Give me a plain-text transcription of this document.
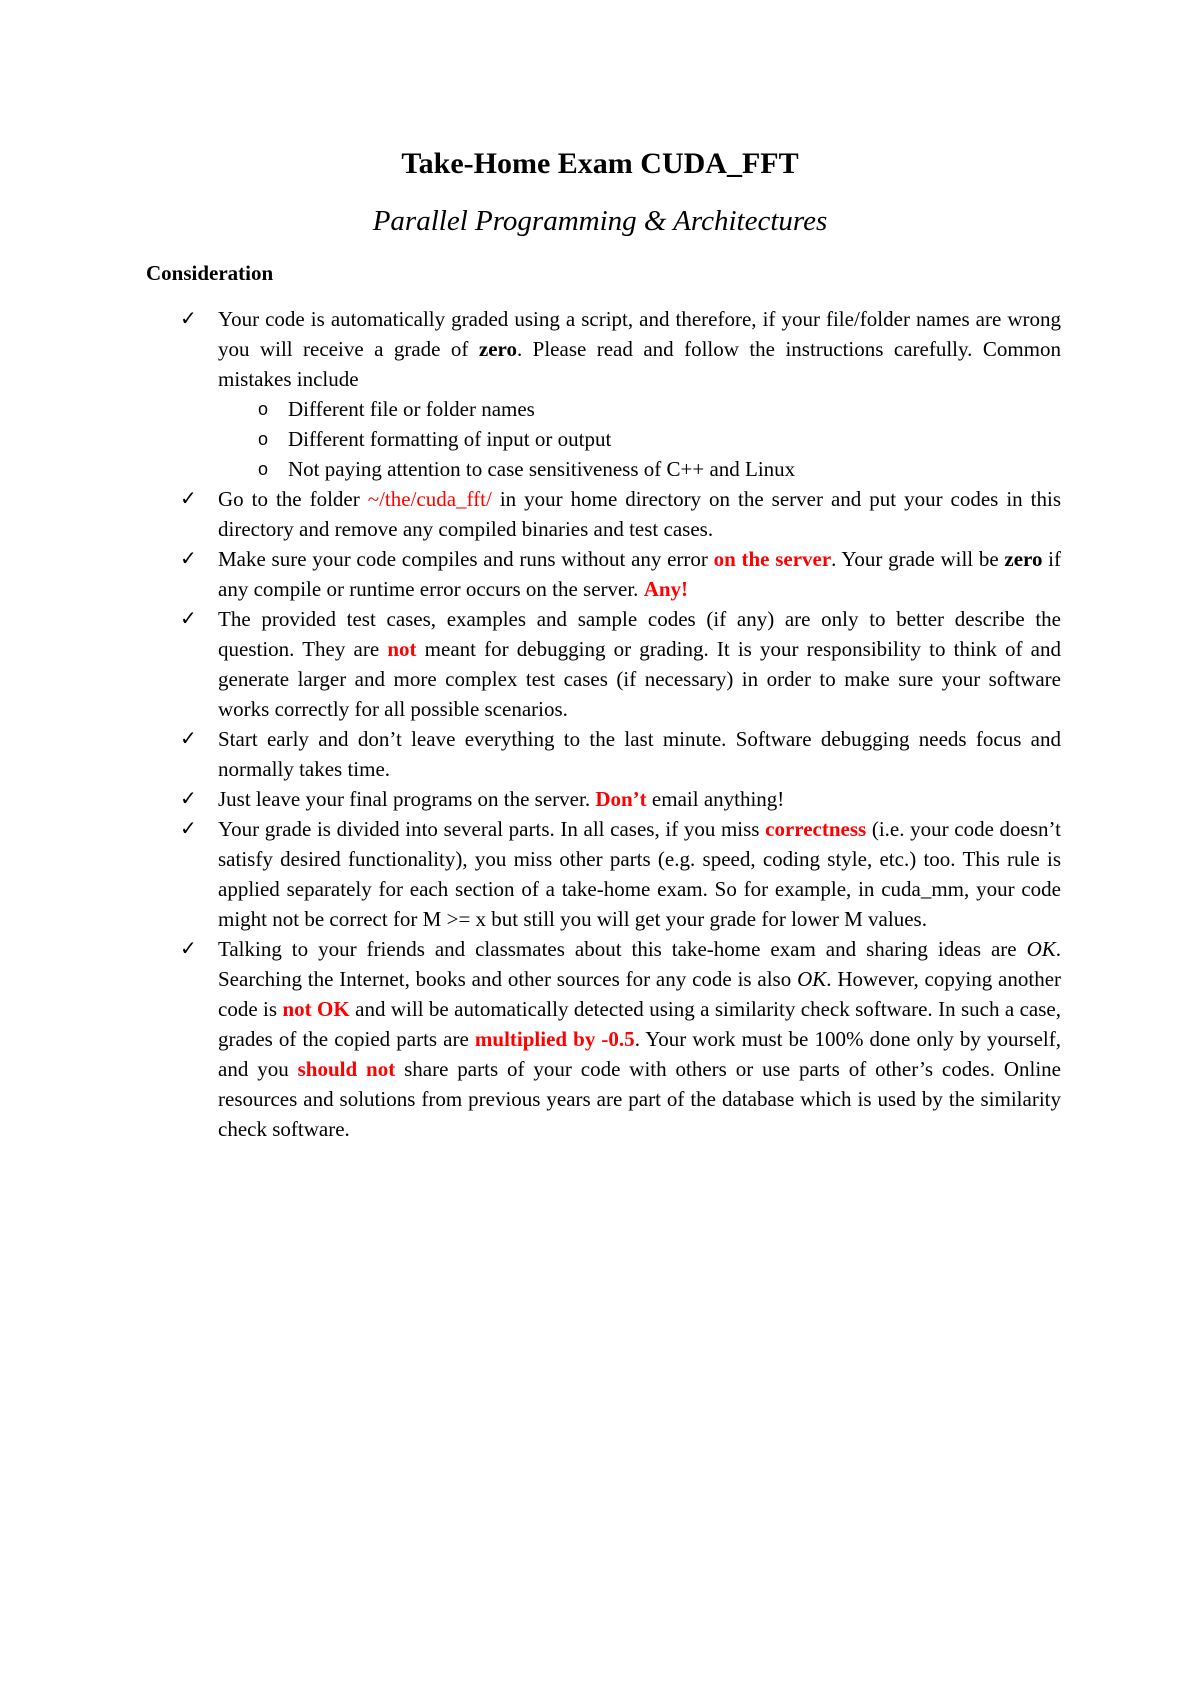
Take-Home Exam CUDA_FFT
Parallel Programming & Architectures
Consideration
✓	Your code is automatically graded using a script, and therefore, if your file/folder names are wrong you will receive a grade of zero. Please read and follow the instructions carefully. Common mistakes include
o Different file or folder names
o Different formatting of input or output
o Not paying attention to case sensitiveness of C++ and Linux
✓	Go to the folder ~/the/cuda_fft/ in your home directory on the server and put your codes in this directory and remove any compiled binaries and test cases.
✓	Make sure your code compiles and runs without any error on the server. Your grade will be zero if any compile or runtime error occurs on the server. Any!
✓	The provided test cases, examples and sample codes (if any) are only to better describe the question. They are not meant for debugging or grading. It is your responsibility to think of and generate larger and more complex test cases (if necessary) in order to make sure your software works correctly for all possible scenarios.
✓	Start early and don’t leave everything to the last minute. Software debugging needs focus and normally takes time.
✓	Just leave your final programs on the server. Don’t email anything!
✓	Your grade is divided into several parts. In all cases, if you miss correctness (i.e. your code doesn’t satisfy desired functionality), you miss other parts (e.g. speed, coding style, etc.) too. This rule is applied separately for each section of a take-home exam. So for example, in cuda_mm, your code might not be correct for M >= x but still you will get your grade for lower M values.
✓	Talking to your friends and classmates about this take-home exam and sharing ideas are OK. Searching the Internet, books and other sources for any code is also OK. However, copying another code is not OK and will be automatically detected using a similarity check software. In such a case, grades of the copied parts are multiplied by -0.5. Your work must be 100% done only by yourself, and you should not share parts of your code with others or use parts of other’s codes. Online resources and solutions from previous years are part of the database which is used by the similarity check software.
